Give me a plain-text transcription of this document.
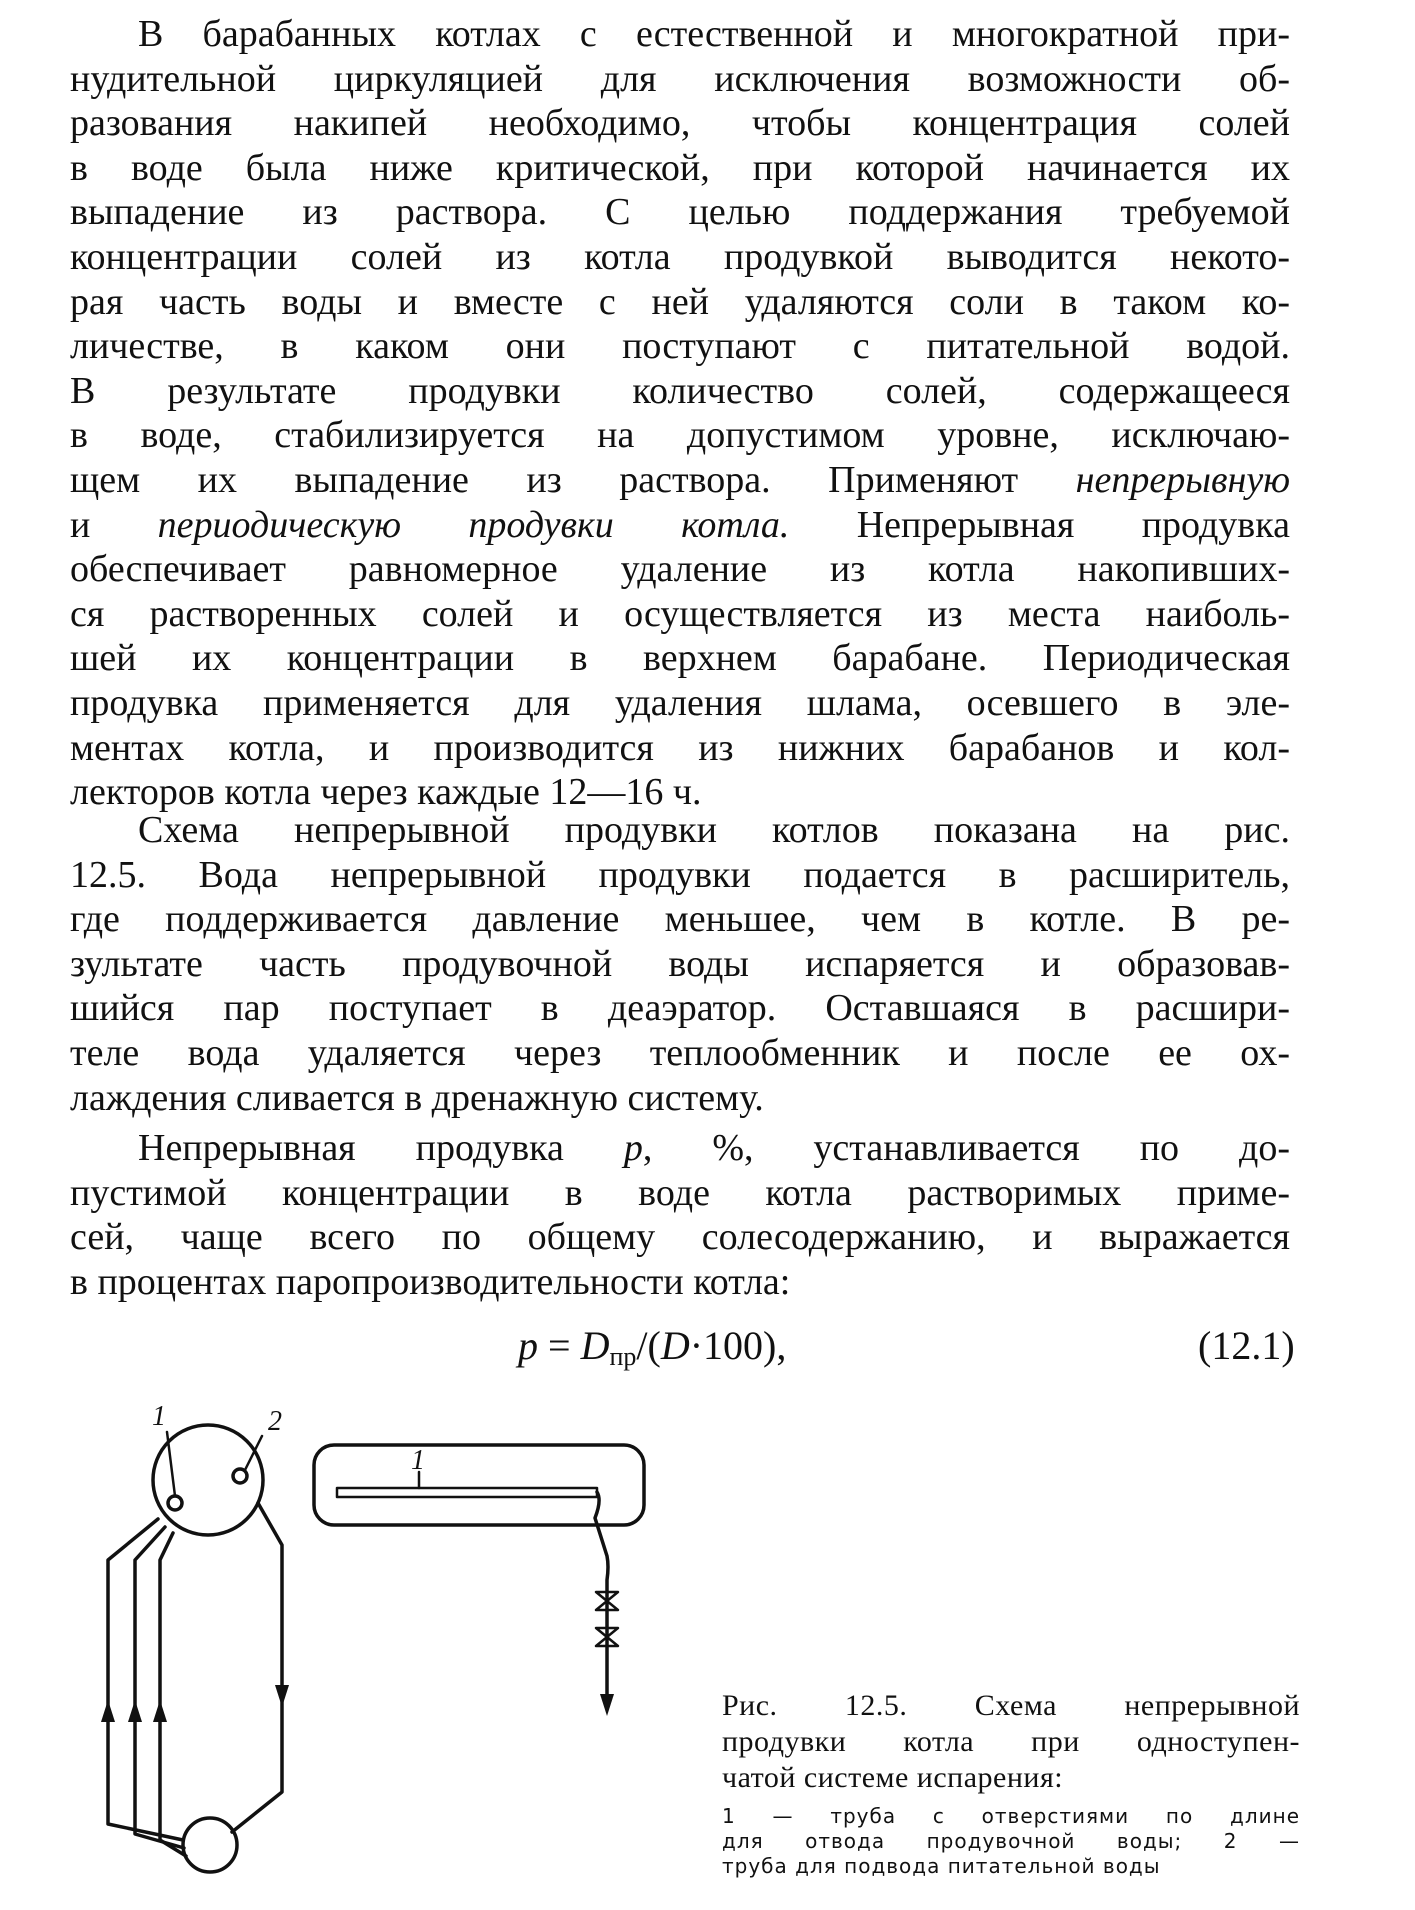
В барабанных котлах с естественной и многократной при-
нудительной циркуляцией для исключения возможности об-
разования накипей необходимо, чтобы концентрация солей
в воде была ниже критической, при которой начинается их
выпадение из раствора. С целью поддержания требуемой
концентрации солей из котла продувкой выводится некото-
рая часть воды и вместе с ней удаляются соли в таком ко-
личестве, в каком они поступают с питательной водой.
В результате продувки количество солей, содержащееся
в воде, стабилизируется на допустимом уровне, исключаю-
щем их выпадение из раствора. Применяют непрерывную
и периодическую продувки котла. Непрерывная продувка
обеспечивает равномерное удаление из котла накопивших-
ся растворенных солей и осуществляется из места наиболь-
шей их концентрации в верхнем барабане. Периодическая
продувка применяется для удаления шлама, осевшего в эле-
ментах котла, и производится из нижних барабанов и кол-
лекторов котла через каждые 12—16 ч.
Схема непрерывной продувки котлов показана на рис.
12.5. Вода непрерывной продувки подается в расширитель,
где поддерживается давление меньшее, чем в котле. В ре-
зультате часть продувочной воды испаряется и образовав-
шийся пар поступает в деаэратор. Оставшаяся в расшири-
теле вода удаляется через теплообменник и после ее ох-
лаждения сливается в дренажную систему.
Непрерывная продувка p, %, устанавливается по до-
пустимой концентрации в воде котла растворимых приме-
сей, чаще всего по общему солесодержанию, и выражается
в процентах паропроизводительности котла:
$p = D_{пр}/(D\cdot 100)$,	(12.1)
1	2
1
Рис. 12.5. Схема непрерывной
продувки котла при одноступен-
чатой системе испарения:
1 — труба с отверстиями по длине
для отвода продувочной воды; 2 —
труба для подвода питательной воды
